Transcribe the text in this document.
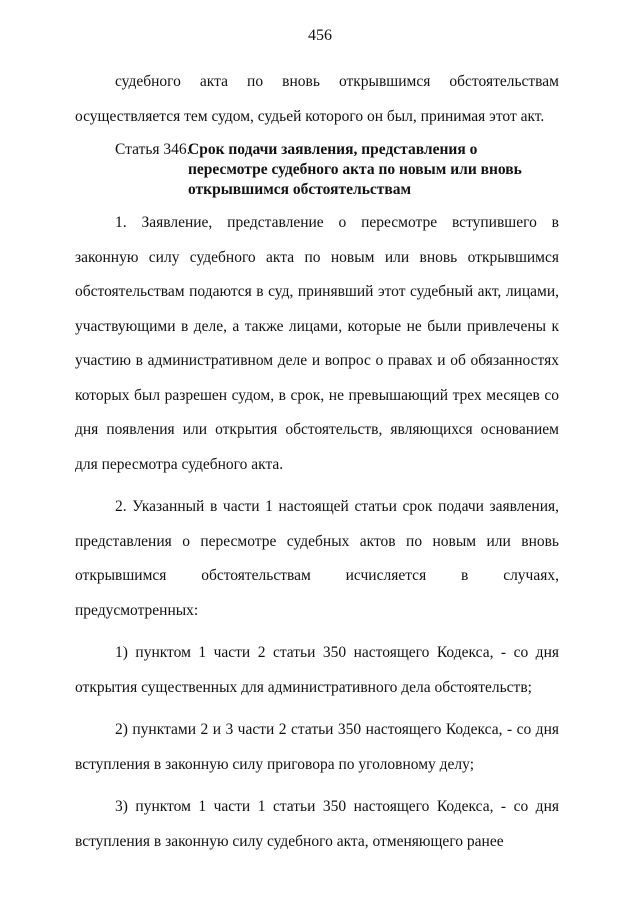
456

судебного акта по вновь открывшимся обстоятельствам осуществляется тем судом, судьей которого он был, принимая этот акт.

Статья 346.
Срок подачи заявления, представления о пересмотре судебного акта по новым или вновь открывшимся обстоятельствам

1. Заявление, представление о пересмотре вступившего в законную силу судебного акта по новым или вновь открывшимся обстоятельствам подаются в суд, принявший этот судебный акт, лицами, участвующими в деле, а также лицами, которые не были привлечены к участию в административном деле и вопрос о правах и об обязанностях которых был разрешен судом, в срок, не превышающий трех месяцев со дня появления или открытия обстоятельств, являющихся основанием для пересмотра судебного акта.

2. Указанный в части 1 настоящей статьи срок подачи заявления, представления о пересмотре судебных актов по новым или вновь открывшимся обстоятельствам исчисляется в случаях, предусмотренных:

1) пунктом 1 части 2 статьи 350 настоящего Кодекса, - со дня открытия существенных для административного дела обстоятельств;

2) пунктами 2 и 3 части 2 статьи 350 настоящего Кодекса, - со дня вступления в законную силу приговора по уголовному делу;

3) пунктом 1 части 1 статьи 350 настоящего Кодекса, - со дня вступления в законную силу судебного акта, отменяющего ранее
